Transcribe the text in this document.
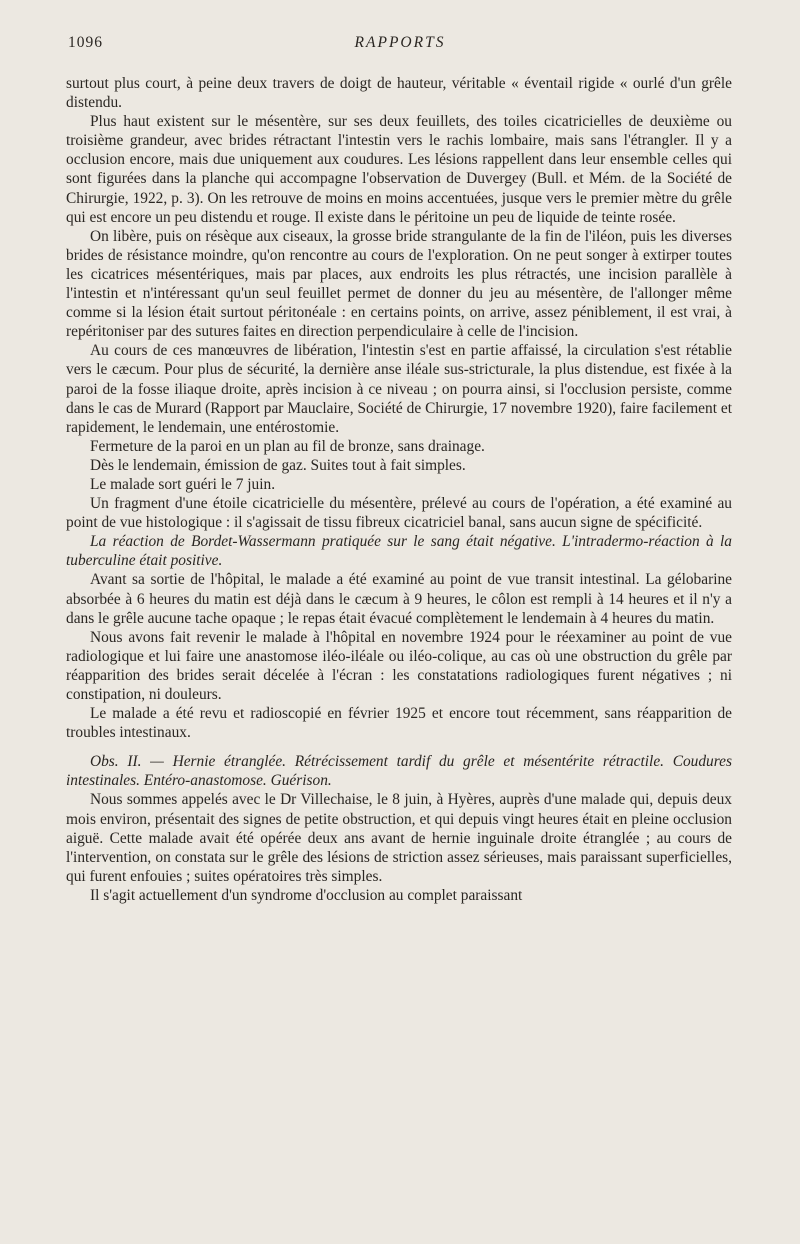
1096	RAPPORTS

surtout plus court, à peine deux travers de doigt de hauteur, véritable « éventail rigide « ourlé d'un grêle distendu.

Plus haut existent sur le mésentère, sur ses deux feuillets, des toiles cicatricielles de deuxième ou troisième grandeur, avec brides rétractant l'intestin vers le rachis lombaire, mais sans l'étrangler. Il y a occlusion encore, mais due uniquement aux coudures. Les lésions rappellent dans leur ensemble celles qui sont figurées dans la planche qui accompagne l'observation de Duvergey (Bull. et Mém. de la Société de Chirurgie, 1922, p. 3). On les retrouve de moins en moins accentuées, jusque vers le premier mètre du grêle qui est encore un peu distendu et rouge. Il existe dans le péritoine un peu de liquide de teinte rosée.

On libère, puis on résèque aux ciseaux, la grosse bride strangulante de la fin de l'iléon, puis les diverses brides de résistance moindre, qu'on rencontre au cours de l'exploration. On ne peut songer à extirper toutes les cicatrices mésentériques, mais par places, aux endroits les plus rétractés, une incision parallèle à l'intestin et n'intéressant qu'un seul feuillet permet de donner du jeu au mésentère, de l'allonger même comme si la lésion était surtout péritonéale : en certains points, on arrive, assez péniblement, il est vrai, à repéritoniser par des sutures faites en direction perpendiculaire à celle de l'incision.

Au cours de ces manœuvres de libération, l'intestin s'est en partie affaissé, la circulation s'est rétablie vers le cæcum. Pour plus de sécurité, la dernière anse iléale sus-stricturale, la plus distendue, est fixée à la paroi de la fosse iliaque droite, après incision à ce niveau ; on pourra ainsi, si l'occlusion persiste, comme dans le cas de Murard (Rapport par Mauclaire, Société de Chirurgie, 17 novembre 1920), faire facilement et rapidement, le lendemain, une entérostomie.

Fermeture de la paroi en un plan au fil de bronze, sans drainage.

Dès le lendemain, émission de gaz. Suites tout à fait simples.

Le malade sort guéri le 7 juin.

Un fragment d'une étoile cicatricielle du mésentère, prélevé au cours de l'opération, a été examiné au point de vue histologique : il s'agissait de tissu fibreux cicatriciel banal, sans aucun signe de spécificité.

La réaction de Bordet-Wassermann pratiquée sur le sang était négative. L'intradermo-réaction à la tuberculine était positive.

Avant sa sortie de l'hôpital, le malade a été examiné au point de vue transit intestinal. La gélobarine absorbée à 6 heures du matin est déjà dans le cæcum à 9 heures, le côlon est rempli à 14 heures et il n'y a dans le grêle aucune tache opaque ; le repas était évacué complètement le lendemain à 4 heures du matin.

Nous avons fait revenir le malade à l'hôpital en novembre 1924 pour le réexaminer au point de vue radiologique et lui faire une anastomose iléo-iléale ou iléo-colique, au cas où une obstruction du grêle par réapparition des brides serait décelée à l'écran : les constatations radiologiques furent négatives ; ni constipation, ni douleurs.

Le malade a été revu et radioscopié en février 1925 et encore tout récemment, sans réapparition de troubles intestinaux.

Obs. II. — Hernie étranglée. Rétrécissement tardif du grêle et mésentérite rétractile. Coudures intestinales. Entéro-anastomose. Guérison.

Nous sommes appelés avec le Dr Villechaise, le 8 juin, à Hyères, auprès d'une malade qui, depuis deux mois environ, présentait des signes de petite obstruction, et qui depuis vingt heures était en pleine occlusion aiguë. Cette malade avait été opérée deux ans avant de hernie inguinale droite étranglée ; au cours de l'intervention, on constata sur le grêle des lésions de striction assez sérieuses, mais paraissant superficielles, qui furent enfouies ; suites opératoires très simples.

Il s'agit actuellement d'un syndrome d'occlusion au complet paraissant
